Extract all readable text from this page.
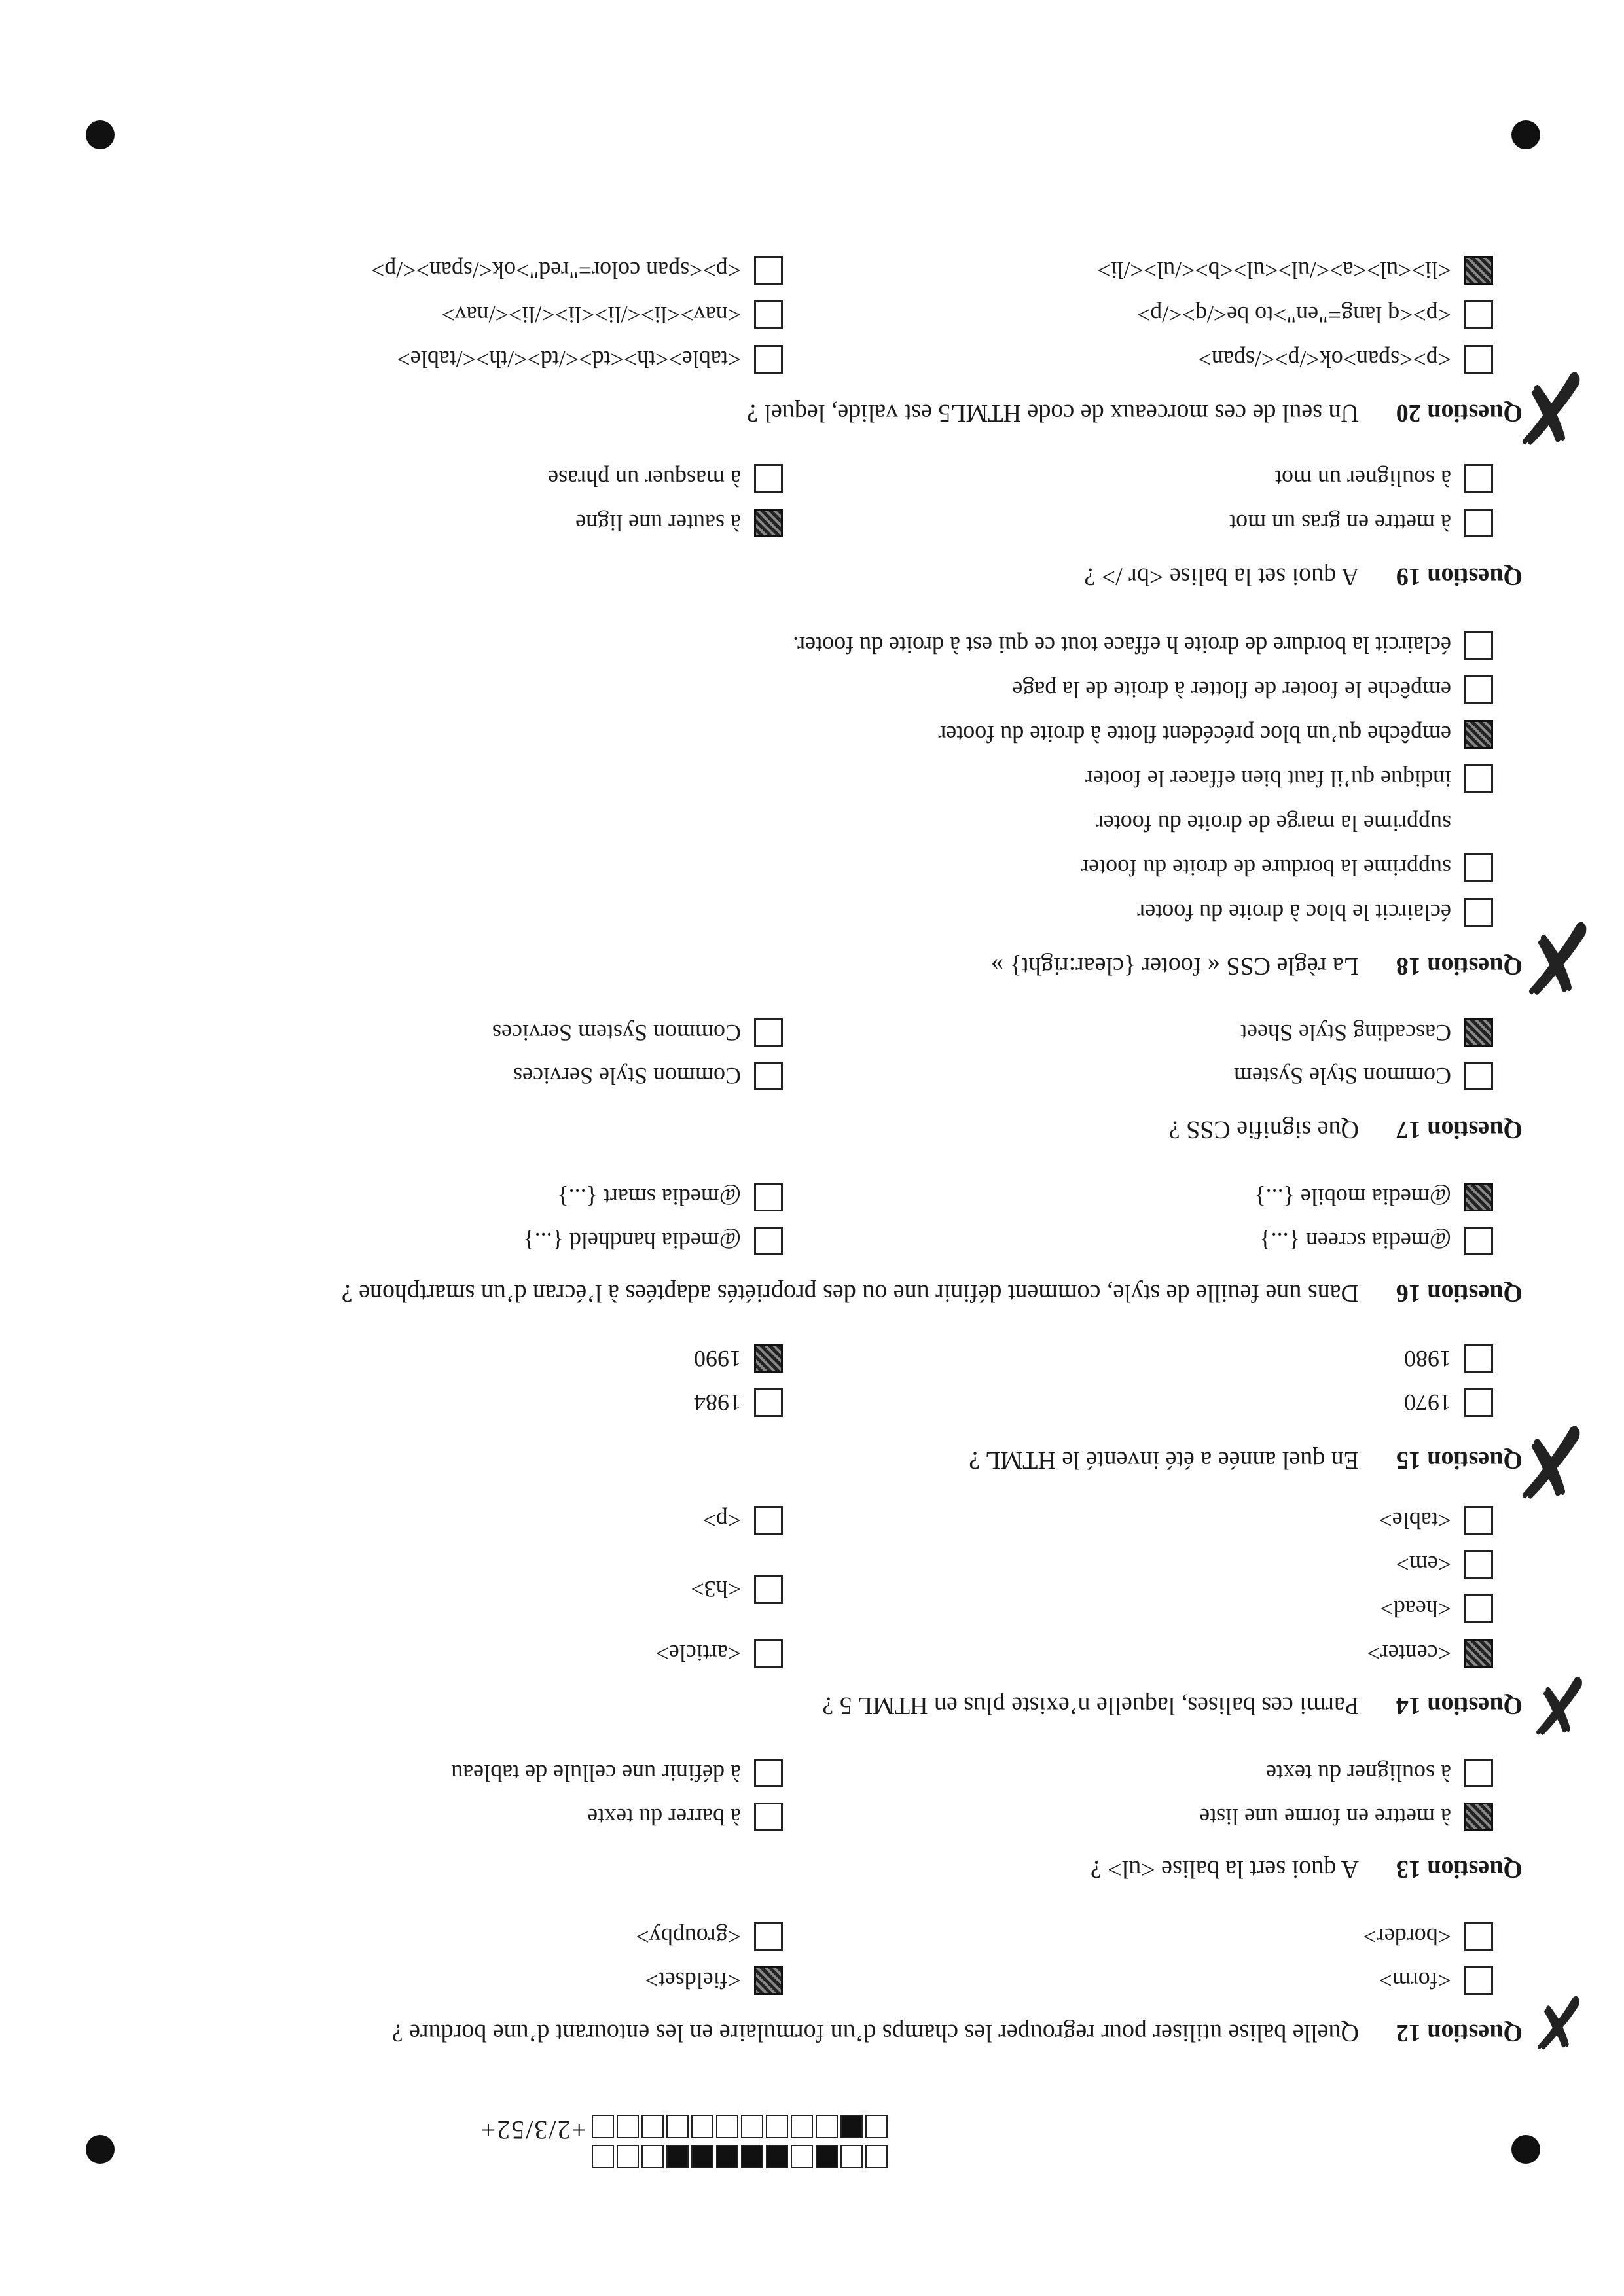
+2/3/52+
Question 12Quelle balise utiliser pour regrouper les champs d’un formulaire en les entourant d’une bordure ?	✗
<form>
<fieldset>
<border>
<groupby>
Question 13A quoi sert la balise <ul> ?
à mettre en forme une liste
à barrer du texte
à souligner du texte
à définir une cellule de tableau
Question 14Parmi ces balises, laquelle n’existe plus en HTML 5 ?	✗
<center>
<article>
<head>
<h3>
<em>
<table>
<p>
Question 15En quel année a été inventé le HTML ?	✗
1970
1984
1980
1990
Question 16Dans une feuille de style, comment définir une ou des propriétés adaptées à l’écran d’un smartphone ?
@media screen {...}
@media handheld {...}
@media mobile {...}
@media smart {...}
Question 17Que signifie CSS ?
Common Style System
Common Style Services
Cascading Style Sheet
Common System Services
Question 18La règle CSS « footer {clear:right} »	✗
éclaircit le bloc à droite du footer
supprime la bordure de droite du footer
supprime la marge de droite du footer
indique qu’il faut bien effacer le footer
empêche qu’un bloc précédent flotte à droite du footer
empêche le footer de flotter à droite de la page
éclaircit la bordure de droite h efface tout ce qui est à droite du footer.
Question 19A quoi set la balise <br /> ?
à mettre en gras un mot
à sauter une ligne
à souligner un mot
à masquer un phrase
Question 20Un seul de ces morceaux de code HTML5 est valide, lequel ?	✗
<p><span>ok</p></span>
<table><th><td></td></th></table>
<p><q lang="en">to be</q></p>
<nav><li></li><li></li></nav>
<li><ul><a></ul><ul><b></ul></li>
<p><span color="red">ok</span></p>
